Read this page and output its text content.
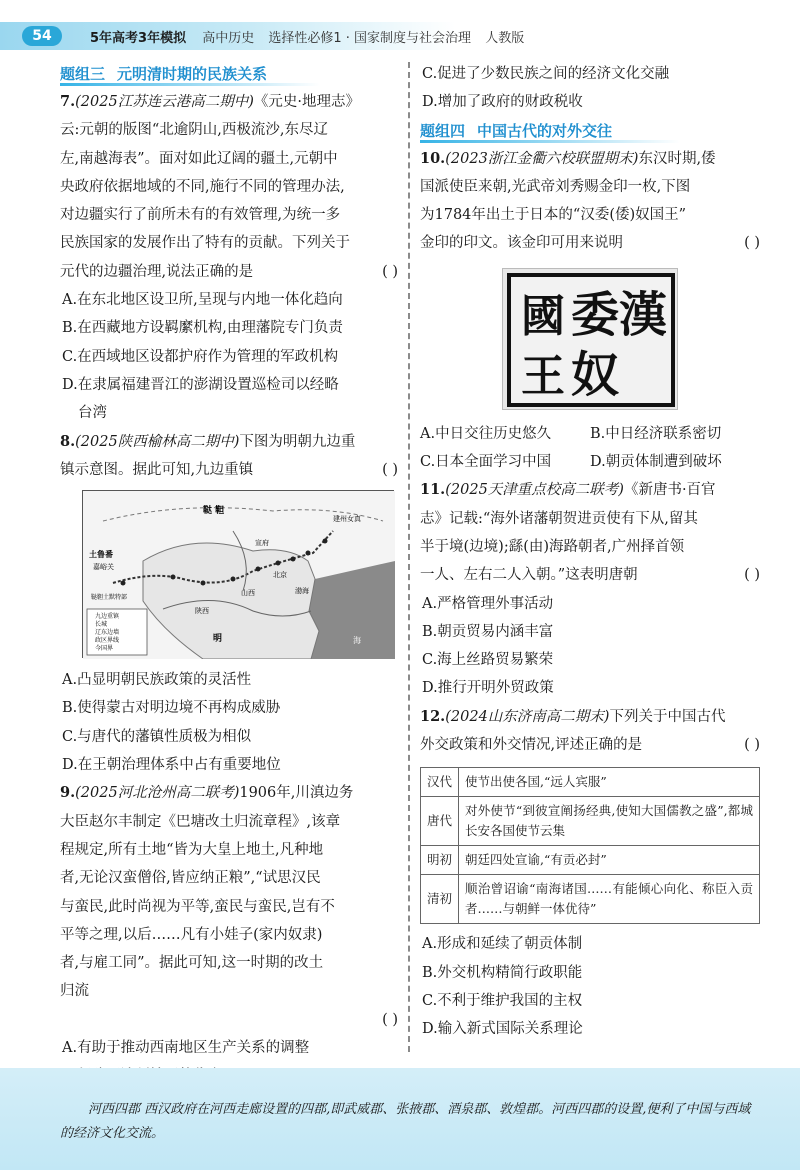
54	5年高考3年模拟 高中历史 选择性必修1 · 国家制度与社会治理 人教版
题组三 元明清时期的民族关系
7.(2025江苏连云港高二期中)《元史·地理志》
云:元朝的版图“北逾阴山,西极流沙,东尽辽
左,南越海表”。面对如此辽阔的疆土,元朝中
央政府依据地域的不同,施行不同的管理办法,
对边疆实行了前所未有的有效管理,为统一多
民族国家的发展作出了特有的贡献。下列关于
元代的边疆治理,说法正确的是	( )
A.在东北地区设卫所,呈现与内地一体化趋向
B.在西藏地方设羁縻机构,由理藩院专门负责
C.在西域地区设都护府作为管理的军政机构
D.在隶属福建晋江的澎湖设置巡检司以经略
台湾
8.(2025陕西榆林高二期中)下图为明朝九边重
镇示意图。据此可知,九边重镇	( )
九边重镇
长城
辽东边墙
政区界线
今国界
鞑 靼
土鲁番
嘉峪关
鞑靼土默特部
建州女真
宣府
北京
山西
陕西
明
渤海
海
A.凸显明朝民族政策的灵活性
B.使得蒙古对明边境不再构成威胁
C.与唐代的藩镇性质极为相似
D.在王朝治理体系中占有重要地位
9.(2025河北沧州高二联考)1906年,川滇边务
大臣赵尔丰制定《巴塘改土归流章程》,该章
程规定,所有土地“皆为大皇上地土,凡种地
者,无论汉蛮僧俗,皆应纳正粮”,“试思汉民
与蛮民,此时尚视为平等,蛮民与蛮民,岂有不
平等之理,以后……凡有小娃子(家内奴隶)
者,与雇工同”。据此可知,这一时期的改土
归流

( )
A.有助于推动西南地区生产关系的调整
C.促进了少数民族之间的经济文化交融
D.增加了政府的财政税收
题组四 中国古代的对外交往
10.(2023浙江金衢六校联盟期末)东汉时期,倭
国派使臣来朝,光武帝刘秀赐金印一枚,下图
为1784年出土于日本的“汉委(倭)奴国王”
金印的印文。该金印可用来说明	( )
漢
委
奴
國
王
A.中日交往历史悠久	B.中日经济联系密切
C.日本全面学习中国	D.朝贡体制遭到破坏
11.(2025天津重点校高二联考)《新唐书·百官
志》记载:“海外诸藩朝贺进贡使有下从,留其
半于境(边境);繇(由)海路朝者,广州择首领
一人、左右二人入朝。”这表明唐朝	( )
A.严格管理外事活动
B.朝贡贸易内涵丰富
C.海上丝路贸易繁荣
D.推行开明外贸政策
12.(2024山东济南高二期末)下列关于中国古代
外交政策和外交情况,评述正确的是	( )
汉代	使节出使各国,“远人宾服”
唐代	对外使节“到彼宣阐扬经典,使知大国儒教之盛”,都城长安各国使节云集
明初	朝廷四处宣谕,“有贡必封”
清初	顺治曾诏谕“南海诸国……有能倾心向化、称臣入贡者……与朝鲜一体优待”
A.形成和延续了朝贡体制
B.外交机构精简行政职能
C.不利于维护我国的主权
D.输入新式国际关系理论
河西四郡 西汉政府在河西走廊设置的四郡,即武威郡、张掖郡、酒泉郡、敦煌郡。河西四郡的设置,便利了中国与西域的经济文化交流。
